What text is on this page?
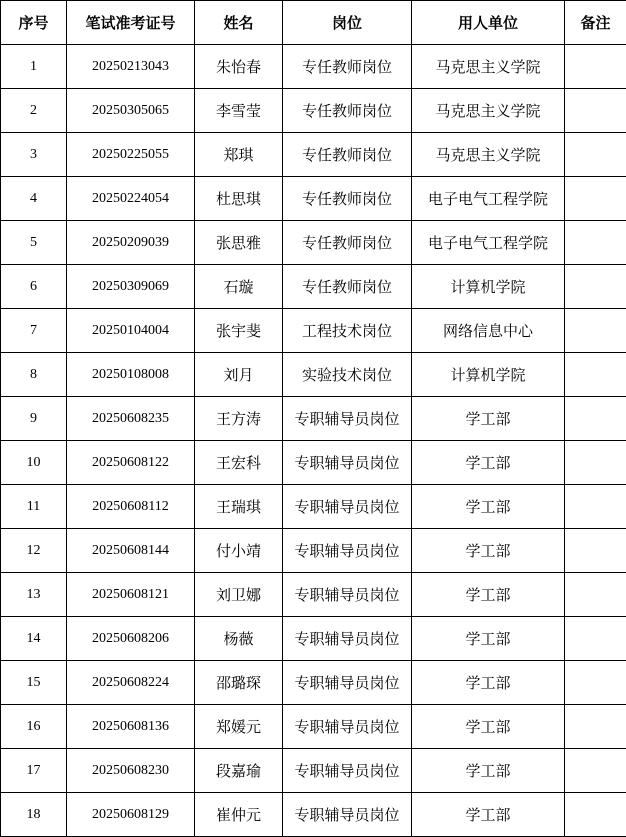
序号	笔试准考证号	姓名	岗位	用人单位	备注
1	20250213043	朱怡春	专任教师岗位	马克思主义学院	
2	20250305065	李雪莹	专任教师岗位	马克思主义学院	
3	20250225055	郑琪	专任教师岗位	马克思主义学院	
4	20250224054	杜思琪	专任教师岗位	电子电气工程学院	
5	20250209039	张思雅	专任教师岗位	电子电气工程学院	
6	20250309069	石璇	专任教师岗位	计算机学院	
7	20250104004	张宇斐	工程技术岗位	网络信息中心	
8	20250108008	刘月	实验技术岗位	计算机学院	
9	20250608235	王方涛	专职辅导员岗位	学工部	
10	20250608122	王宏科	专职辅导员岗位	学工部	
11	20250608112	王瑞琪	专职辅导员岗位	学工部	
12	20250608144	付小靖	专职辅导员岗位	学工部	
13	20250608121	刘卫娜	专职辅导员岗位	学工部	
14	20250608206	杨薇	专职辅导员岗位	学工部	
15	20250608224	邵璐琛	专职辅导员岗位	学工部	
16	20250608136	郑媛元	专职辅导员岗位	学工部	
17	20250608230	段嘉瑜	专职辅导员岗位	学工部	
18	20250608129	崔仲元	专职辅导员岗位	学工部	
